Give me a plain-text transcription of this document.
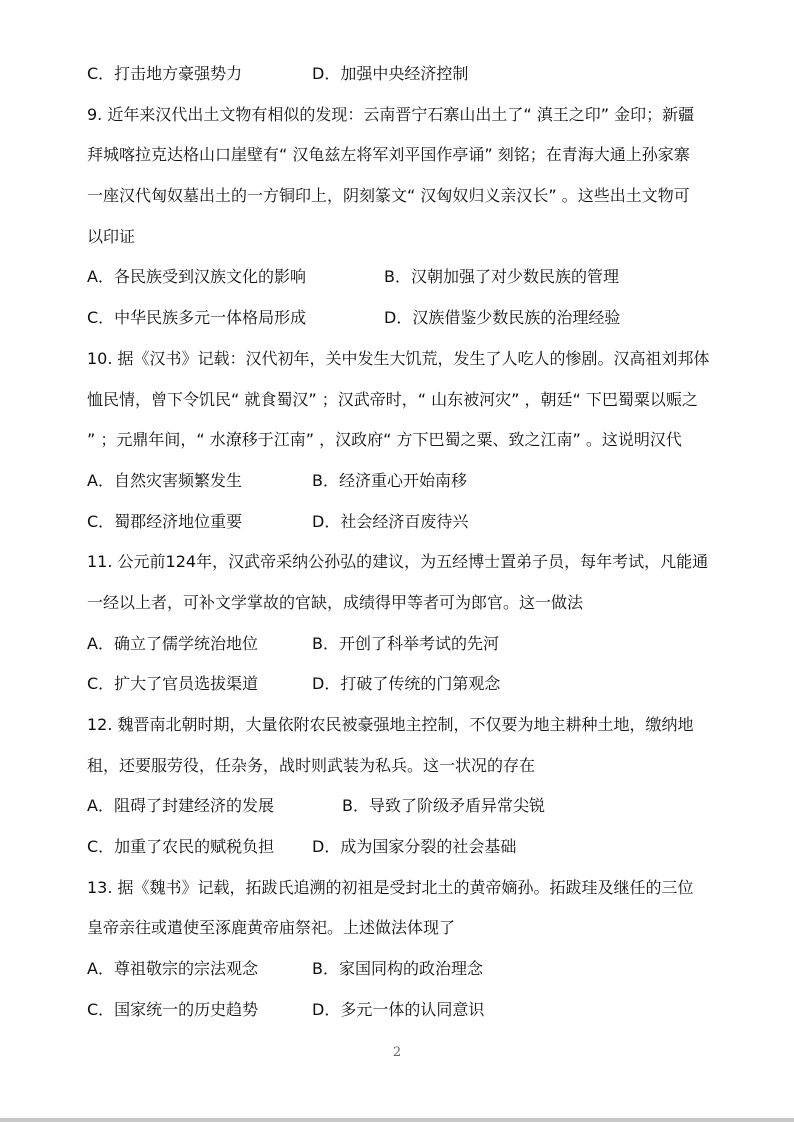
C．打击地方豪强势力	D．加强中央经济控制
9. 近年来汉代出土文物有相似的发现：云南晋宁石寨山出土了“ 滇王之印” 金印；新疆
拜城喀拉克达格山口崖壁有“ 汉龟兹左将军刘平国作亭诵” 刻铭；在青海大通上孙家寨
一座汉代匈奴墓出土的一方铜印上，阴刻篆文“ 汉匈奴归义亲汉长” 。这些出土文物可
以印证
A．各民族受到汉族文化的影响	B．汉朝加强了对少数民族的管理
C．中华民族多元一体格局形成	D．汉族借鉴少数民族的治理经验
10. 据《汉书》记载：汉代初年，关中发生大饥荒，发生了人吃人的惨剧。汉高祖刘邦体
恤民情，曾下令饥民“ 就食蜀汉” ；汉武帝时，“ 山东被河灾” ，朝廷“ 下巴蜀粟以赈之
” ；元鼎年间，“ 水潦移于江南” ，汉政府“ 方下巴蜀之粟、致之江南” 。这说明汉代
A．自然灾害频繁发生	B．经济重心开始南移
C．蜀郡经济地位重要	D．社会经济百废待兴
11. 公元前124年，汉武帝采纳公孙弘的建议，为五经博士置弟子员，每年考试，凡能通
一经以上者，可补文学掌故的官缺，成绩得甲等者可为郎官。这一做法
A．确立了儒学统治地位	B．开创了科举考试的先河
C．扩大了官员选拔渠道	D．打破了传统的门第观念
12. 魏晋南北朝时期，大量依附农民被豪强地主控制，不仅要为地主耕种土地，缴纳地
租，还要服劳役，任杂务，战时则武装为私兵。这一状况的存在
A．阻碍了封建经济的发展	B．导致了阶级矛盾异常尖锐
C．加重了农民的赋税负担 D．成为国家分裂的社会基础
13. 据《魏书》记载，拓跋氏追溯的初祖是受封北土的黄帝嫡孙。拓跋珪及继任的三位
皇帝亲往或遣使至涿鹿黄帝庙祭祀。上述做法体现了
A．尊祖敬宗的宗法观念	B．家国同构的政治理念
C．国家统一的历史趋势	D．多元一体的认同意识
2
